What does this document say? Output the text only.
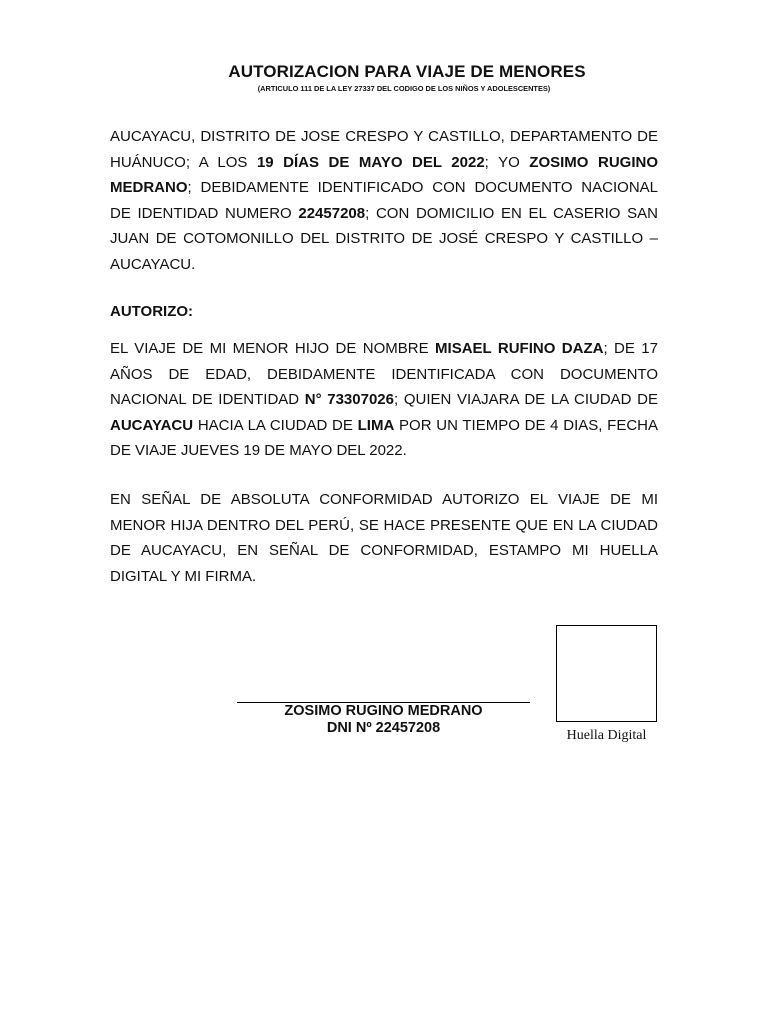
AUTORIZACION PARA VIAJE DE MENORES
(ARTICULO 111 DE LA LEY 27337 DEL CODIGO DE LOS NIÑOS Y ADOLESCENTES)

AUCAYACU, DISTRITO DE JOSE CRESPO Y CASTILLO, DEPARTAMENTO DE HUÁNUCO; A LOS 19 DÍAS DE MAYO DEL 2022; YO ZOSIMO RUGINO MEDRANO; DEBIDAMENTE IDENTIFICADO CON DOCUMENTO NACIONAL DE IDENTIDAD NUMERO 22457208; CON DOMICILIO EN EL CASERIO SAN JUAN DE COTOMONILLO DEL DISTRITO DE JOSÉ CRESPO Y CASTILLO – AUCAYACU.

AUTORIZO:

EL VIAJE DE MI MENOR HIJO DE NOMBRE MISAEL RUFINO DAZA; DE 17 AÑOS DE EDAD, DEBIDAMENTE IDENTIFICADA CON DOCUMENTO NACIONAL DE IDENTIDAD N° 73307026; QUIEN VIAJARA DE LA CIUDAD DE AUCAYACU HACIA LA CIUDAD DE LIMA POR UN TIEMPO DE 4 DIAS, FECHA DE VIAJE JUEVES 19 DE MAYO DEL 2022.

EN SEÑAL DE ABSOLUTA CONFORMIDAD AUTORIZO EL VIAJE DE MI MENOR HIJA DENTRO DEL PERÚ, SE HACE PRESENTE QUE EN LA CIUDAD DE AUCAYACU, EN SEÑAL DE CONFORMIDAD, ESTAMPO MI HUELLA DIGITAL Y MI FIRMA.

ZOSIMO RUGINO MEDRANO
DNI Nº 22457208	Huella Digital
